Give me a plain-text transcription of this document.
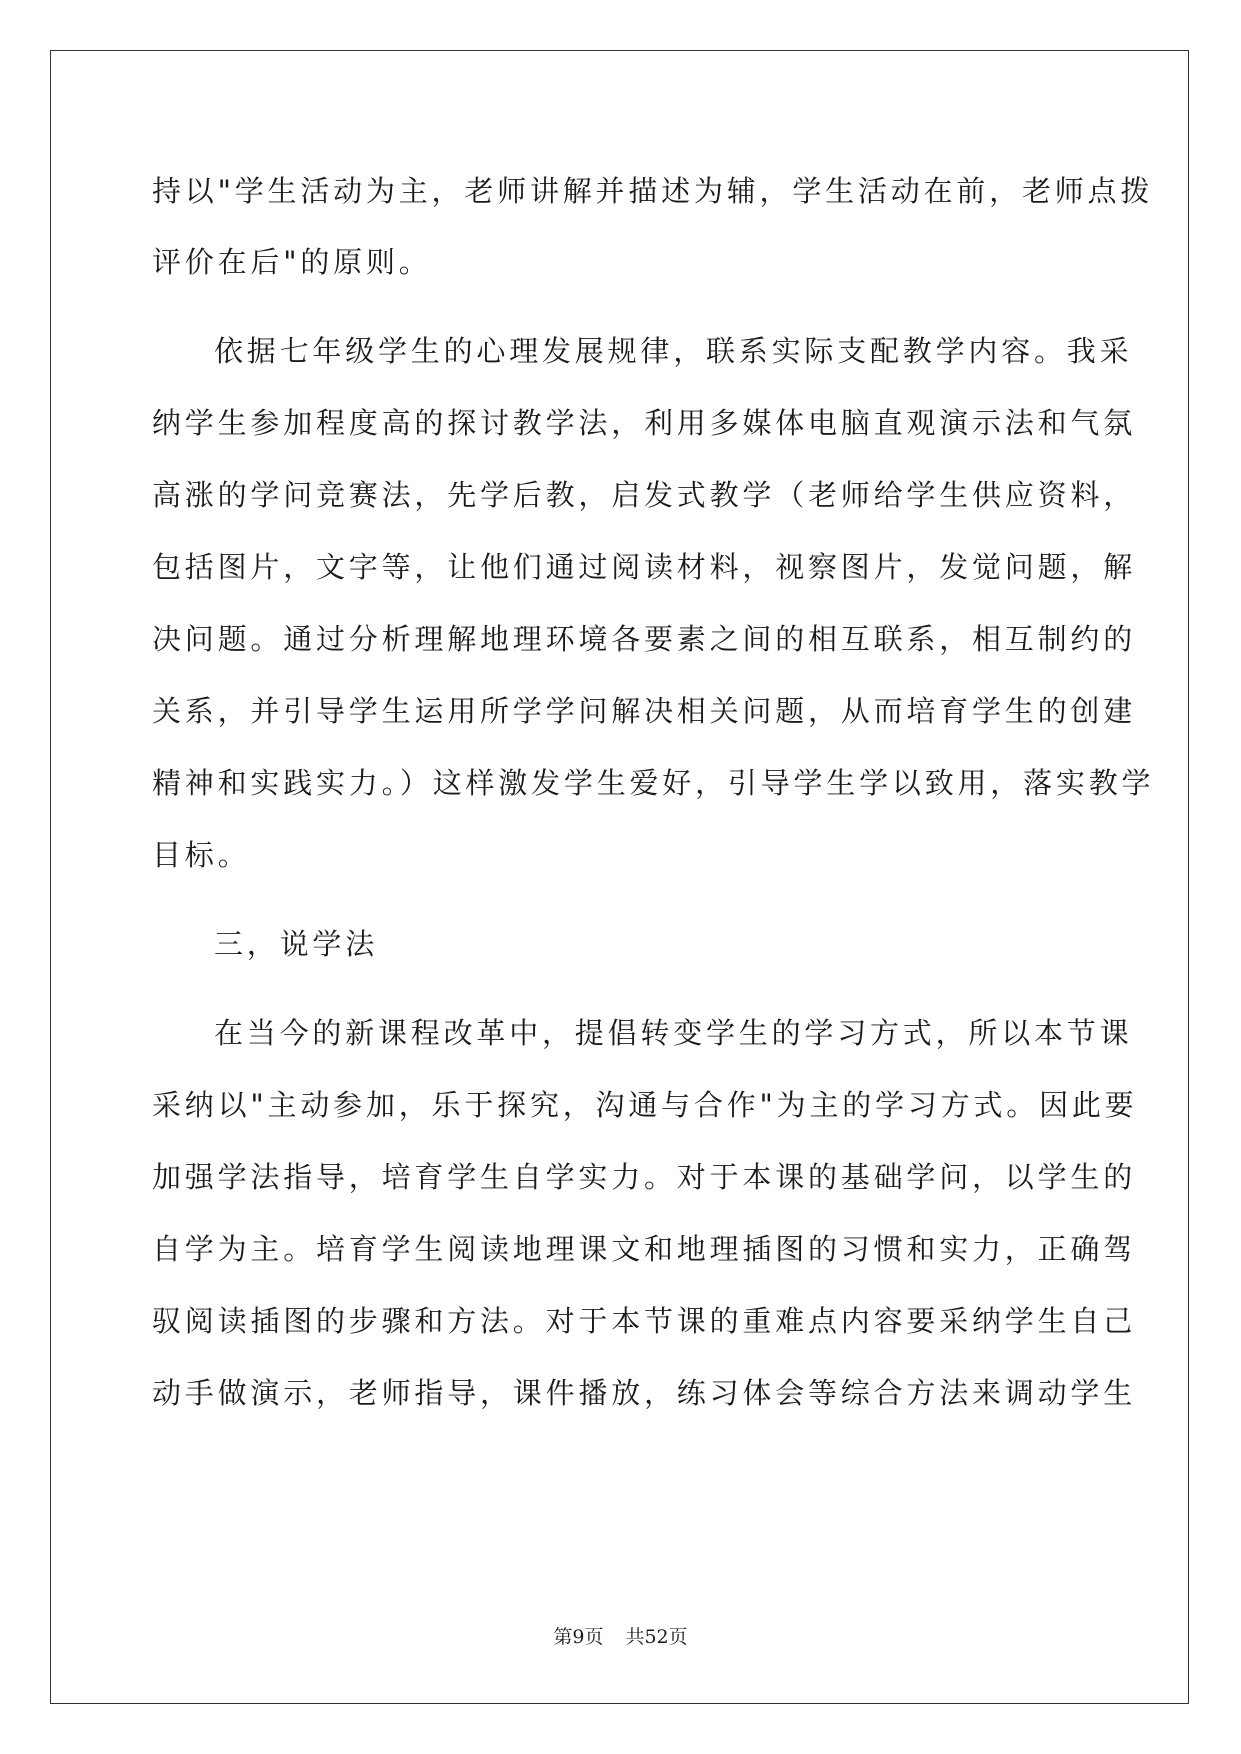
持以"学生活动为主，老师讲解并描述为辅，学生活动在前，老师点拨
评价在后"的原则。
依据七年级学生的心理发展规律，联系实际支配教学内容。我采
纳学生参加程度高的探讨教学法，利用多媒体电脑直观演示法和气氛
高涨的学问竞赛法，先学后教，启发式教学（老师给学生供应资料，
包括图片，文字等，让他们通过阅读材料，视察图片，发觉问题，解
决问题。通过分析理解地理环境各要素之间的相互联系，相互制约的
关系，并引导学生运用所学学问解决相关问题，从而培育学生的创建
精神和实践实力。）这样激发学生爱好，引导学生学以致用，落实教学
目标。
三，说学法
在当今的新课程改革中，提倡转变学生的学习方式，所以本节课
采纳以"主动参加，乐于探究，沟通与合作"为主的学习方式。因此要
加强学法指导，培育学生自学实力。对于本课的基础学问，以学生的
自学为主。培育学生阅读地理课文和地理插图的习惯和实力，正确驾
驭阅读插图的步骤和方法。对于本节课的重难点内容要采纳学生自己
动手做演示，老师指导，课件播放，练习体会等综合方法来调动学生
第9页 共52页
